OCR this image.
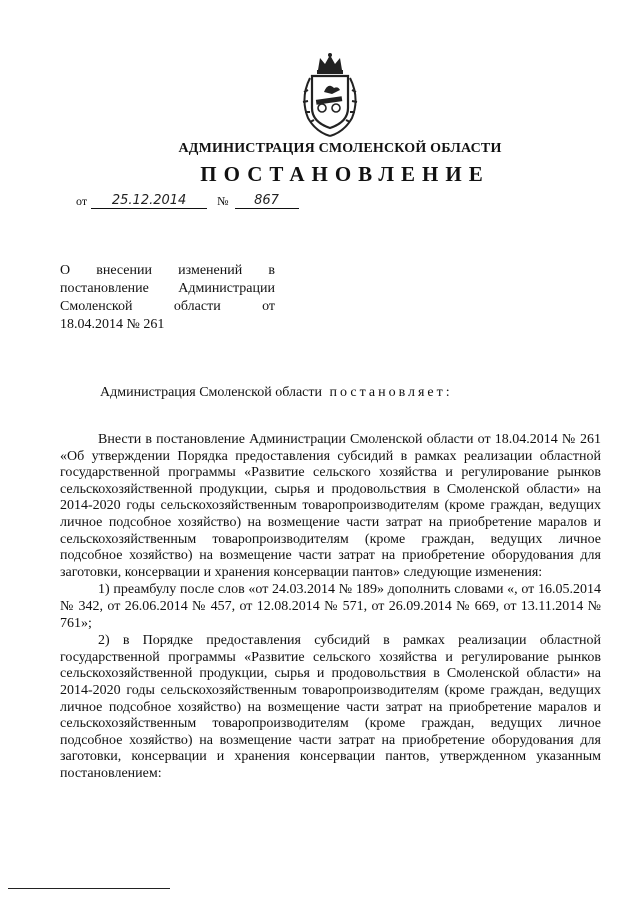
АДМИНИСТРАЦИЯ СМОЛЕНСКОЙ ОБЛАСТИ
ПОСТАНОВЛЕНИЕ
от	25.12.2014	№	867
О внесении изменений в
постановление Администрации
Смоленской области от
18.04.2014 № 261
Администрация Смоленской области постановляет:

Внести в постановление Администрации Смоленской области от 18.04.2014 № 261 «Об утверждении Порядка предоставления субсидий в рамках реализации областной государственной программы «Развитие сельского хозяйства и регулирование рынков сельскохозяйственной продукции, сырья и продовольствия в Смоленской области» на 2014-2020 годы сельскохозяйственным товаропроизводителям (кроме граждан, ведущих личное подсобное хозяйство) на возмещение части затрат на приобретение маралов и сельскохозяйственным товаропроизводителям (кроме граждан, ведущих личное подсобное хозяйство) на возмещение части затрат на приобретение оборудования для заготовки, консервации и хранения консервации пантов» следующие изменения:

1) преамбулу после слов «от 24.03.2014 № 189» дополнить словами «, от 16.05.2014 № 342, от 26.06.2014 № 457, от 12.08.2014 № 571, от 26.09.2014 № 669, от 13.11.2014 № 761»;

2) в Порядке предоставления субсидий в рамках реализации областной государственной программы «Развитие сельского хозяйства и регулирование рынков сельскохозяйственной продукции, сырья и продовольствия в Смоленской области» на 2014-2020 годы сельскохозяйственным товаропроизводителям (кроме граждан, ведущих личное подсобное хозяйство) на возмещение части затрат на приобретение маралов и сельскохозяйственным товаропроизводителям (кроме граждан, ведущих личное подсобное хозяйство) на возмещение части затрат на приобретение оборудования для заготовки, консервации и хранения консервации пантов, утвержденном указанным постановлением:
